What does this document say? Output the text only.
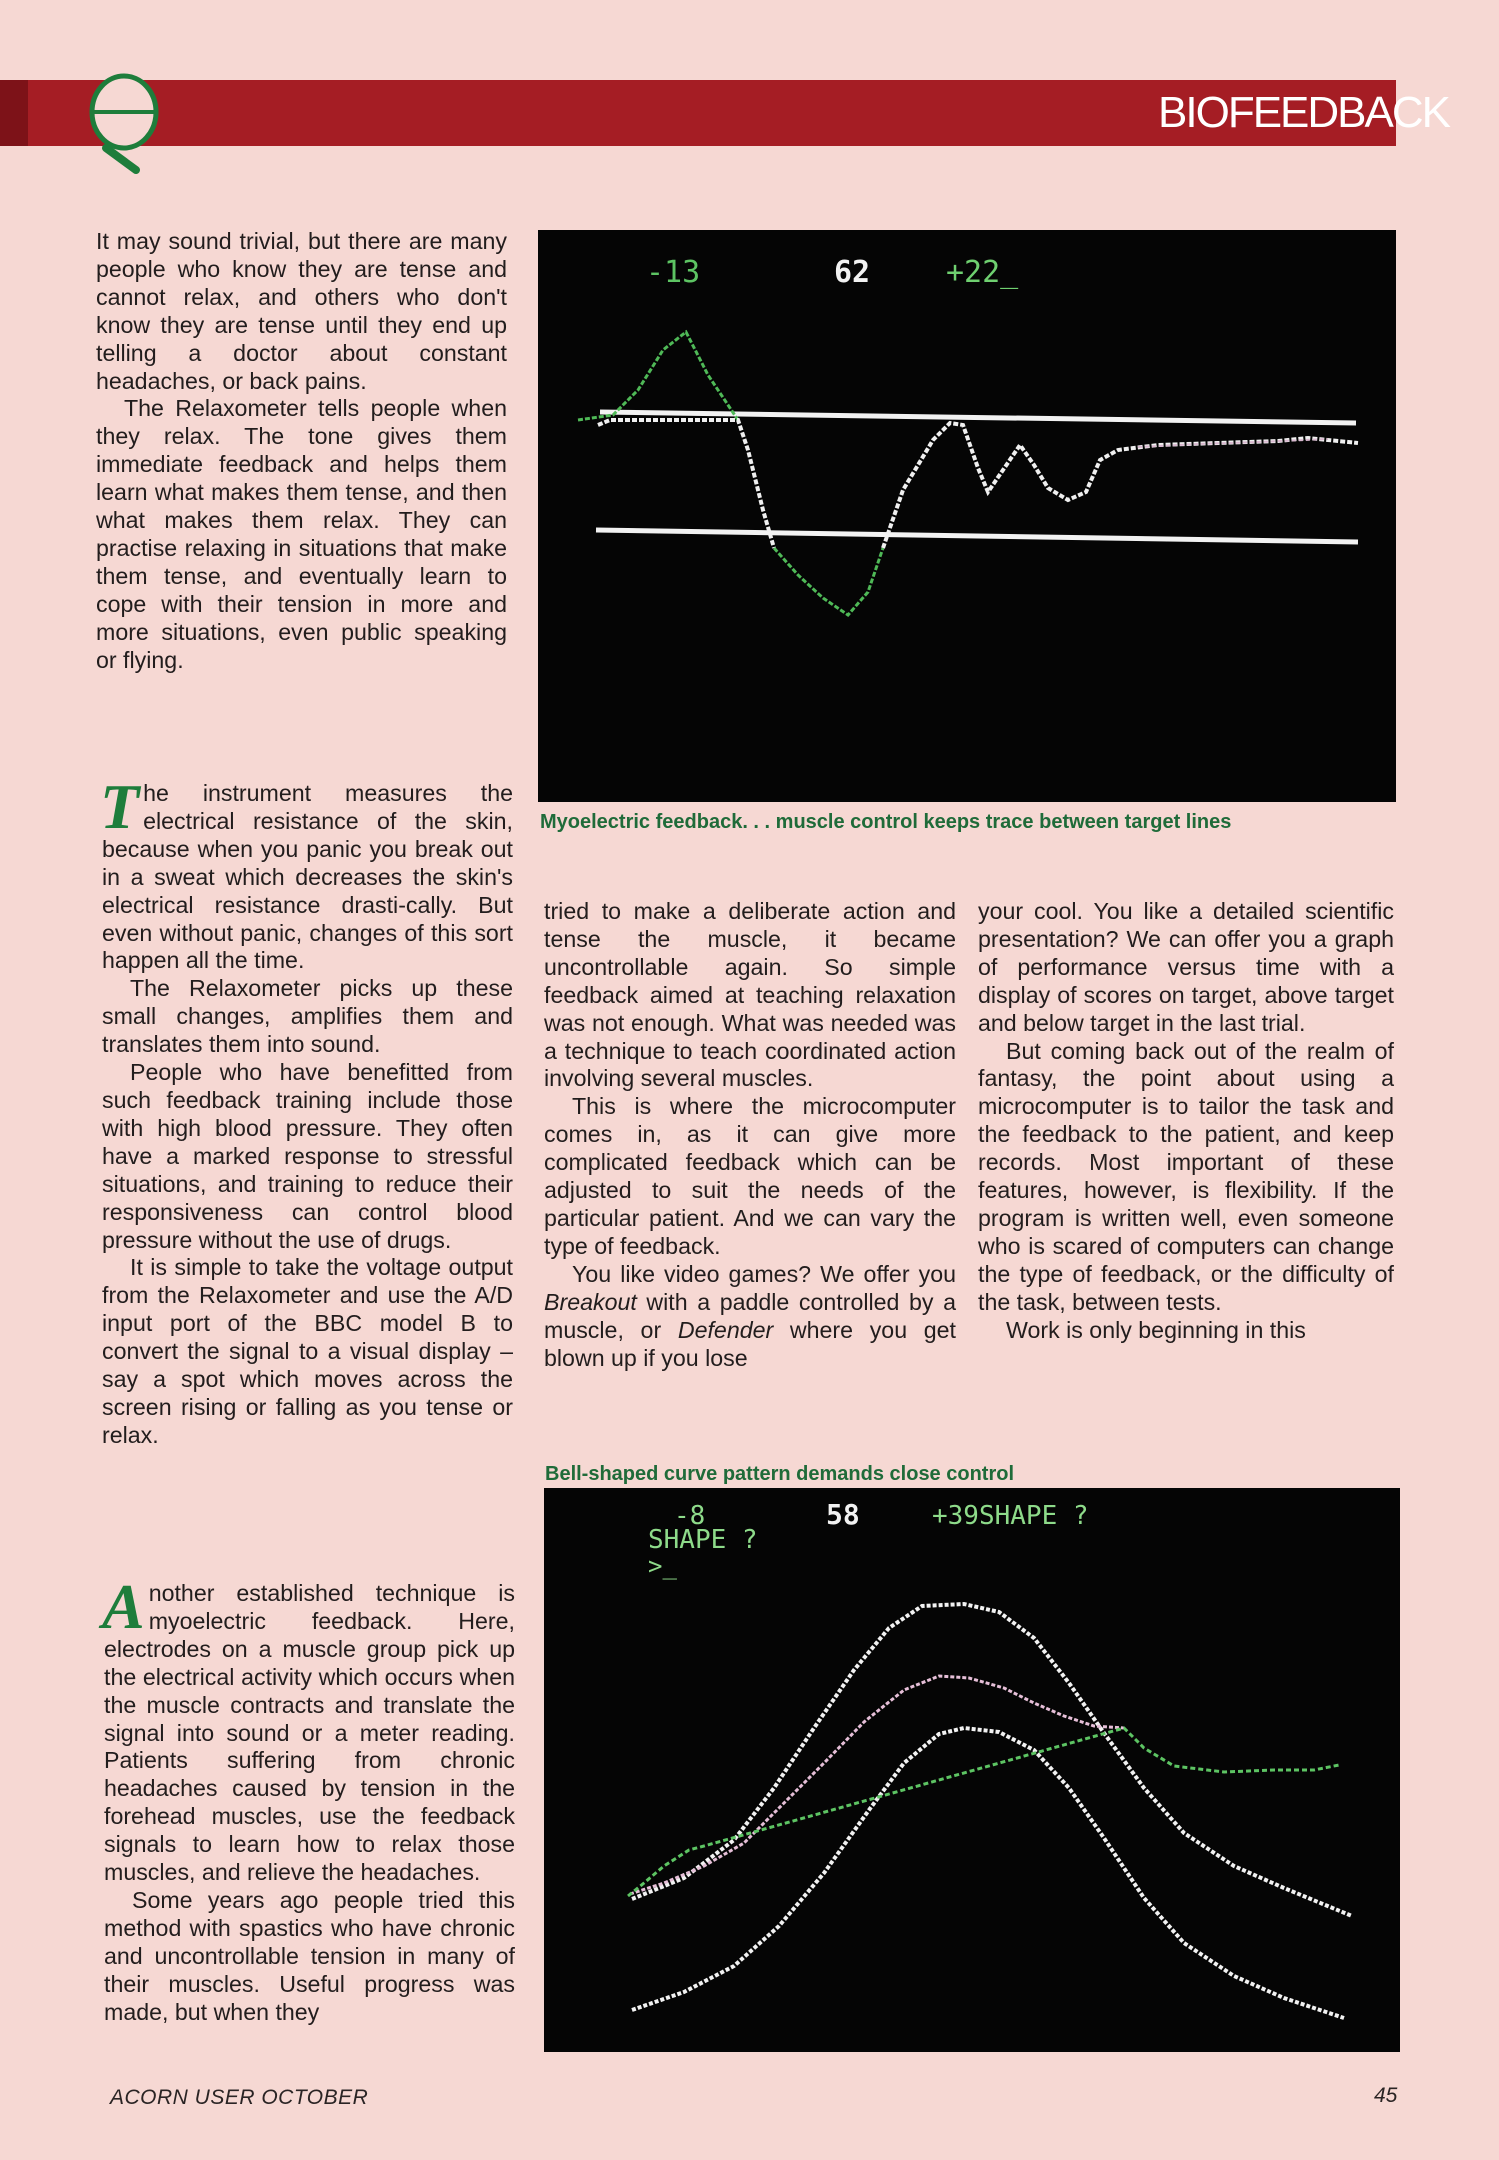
BIOFEEDBACK

It may sound trivial, but there are many people who know they are tense and cannot relax, and others who don't know they are tense until they end up telling a doctor about constant headaches, or back pains.

The Relaxometer tells people when they relax. The tone gives them immediate feedback and helps them learn what makes them tense, and then what makes them relax. They can practise relaxing in situations that make them tense, and eventually learn to cope with their tension in more and more situations, even public speaking or flying.

The instrument measures the electrical resistance of the skin, because when you panic you break out in a sweat which decreases the skin's electrical resistance drasti-cally. But even without panic, changes of this sort happen all the time.

The Relaxometer picks up these small changes, amplifies them and translates them into sound.

People who have benefitted from such feedback training include those with high blood pressure. They often have a marked response to stressful situations, and training to reduce their responsiveness can control blood pressure without the use of drugs.

It is simple to take the voltage output from the Relaxometer and use the A/D input port of the BBC model B to convert the signal to a visual display – say a spot which moves across the screen rising or falling as you tense or relax.

Another established technique is myoelectric feedback. Here, electrodes on a muscle group pick up the electrical activity which occurs when the muscle contracts and translate the signal into sound or a meter reading. Patients suffering from chronic headaches caused by tension in the forehead muscles, use the feedback signals to learn how to relax those muscles, and relieve the headaches.

Some years ago people tried this method with spastics who have chronic and uncontrollable tension in many of their muscles. Useful progress was made, but when they

-13	62	+22_

Myoelectric feedback. . . muscle control keeps trace between target lines

tried to make a deliberate action and tense the muscle, it became uncontrollable again. So simple feedback aimed at teaching relaxation was not enough. What was needed was a technique to teach coordinated action involving several muscles.

This is where the microcomputer comes in, as it can give more complicated feedback which can be adjusted to suit the needs of the particular patient. And we can vary the type of feedback.

You like video games? We offer you Breakout with a paddle controlled by a muscle, or Defender where you get blown up if you lose

your cool. You like a detailed scientific presentation? We can offer you a graph of performance versus time with a display of scores on target, above target and below target in the last trial.

But coming back out of the realm of fantasy, the point about using a microcomputer is to tailor the task and the feedback to the patient, and keep records. Most important of these features, however, is flexibility. If the program is written well, even someone who is scared of computers can change the type of feedback, or the difficulty of the task, between tests.

Work is only beginning in this

Bell-shaped curve pattern demands close control

-8	58	+39SHAPE ?
SHAPE ?
>_
ACORN USER OCTOBER	45
